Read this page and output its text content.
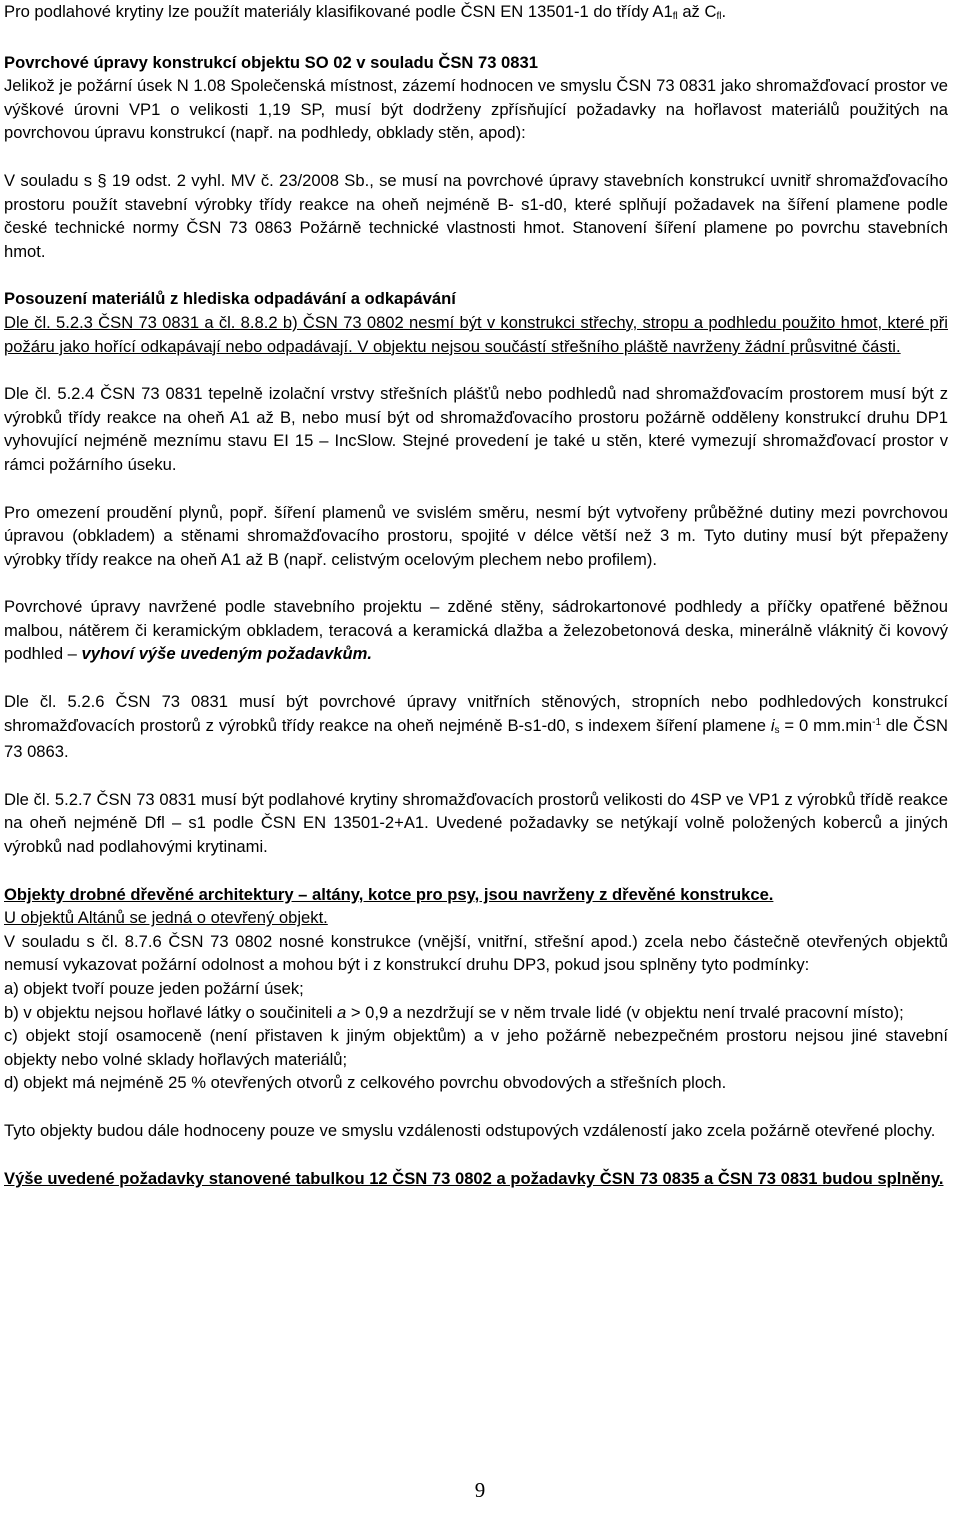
Pro podlahové krytiny lze použít materiály klasifikované podle ČSN EN 13501-1 do třídy A1fl až Cfl.

Povrchové úpravy konstrukcí objektu SO 02 v souladu ČSN 73 0831

Jelikož je požární úsek N 1.08 Společenská místnost, zázemí hodnocen ve smyslu ČSN 73 0831 jako shromažďovací prostor ve výškové úrovni VP1 o velikosti 1,19 SP, musí být dodrženy zpřísňující požadavky na hořlavost materiálů použitých na povrchovou úpravu konstrukcí (např. na podhledy, obklady stěn, apod):

V souladu s § 19 odst. 2 vyhl. MV č. 23/2008 Sb., se musí na povrchové úpravy stavebních konstrukcí uvnitř shromažďovacího prostoru použít stavební výrobky třídy reakce na oheň nejméně B- s1-d0, které splňují požadavek na šíření plamene podle české technické normy ČSN 73 0863 Požárně technické vlastnosti hmot. Stanovení šíření plamene po povrchu stavebních hmot.

Posouzení materiálů z hlediska odpadávání a odkapávání

Dle čl. 5.2.3 ČSN 73 0831 a čl. 8.8.2 b) ČSN 73 0802 nesmí být v konstrukci střechy, stropu a podhledu použito hmot, které při požáru jako hořící odkapávají nebo odpadávají. V objektu nejsou součástí střešního pláště navrženy žádní průsvitné části.

Dle čl. 5.2.4 ČSN 73 0831 tepelně izolační vrstvy střešních plášťů nebo podhledů nad shromažďovacím prostorem musí být z výrobků třídy reakce na oheň A1 až B, nebo musí být od shromažďovacího prostoru požárně odděleny konstrukcí druhu DP1 vyhovující nejméně meznímu stavu EI 15 – IncSlow. Stejné provedení je také u stěn, které vymezují shromažďovací prostor v rámci požárního úseku.

Pro omezení proudění plynů, popř. šíření plamenů ve svislém směru, nesmí být vytvořeny průběžné dutiny mezi povrchovou úpravou (obkladem) a stěnami shromažďovacího prostoru, spojité v délce větší než 3 m. Tyto dutiny musí být přepaženy výrobky třídy reakce na oheň A1 až B (např. celistvým ocelovým plechem nebo profilem).

Povrchové úpravy navržené podle stavebního projektu – zděné stěny, sádrokartonové podhledy a příčky opatřené běžnou malbou, nátěrem či keramickým obkladem, teracová a keramická dlažba a železobetonová deska, minerálně vláknitý či kovový podhled – vyhoví výše uvedeným požadavkům.

Dle čl. 5.2.6 ČSN 73 0831 musí být povrchové úpravy vnitřních stěnových, stropních nebo podhledových konstrukcí shromažďovacích prostorů z výrobků třídy reakce na oheň nejméně B-s1-d0, s indexem šíření plamene is = 0 $mm.\min^{-1}$ dle ČSN 73 0863.

Dle čl. 5.2.7 ČSN 73 0831 musí být podlahové krytiny shromažďovacích prostorů velikosti do 4SP ve VP1 z výrobků třídě reakce na oheň nejméně Dfl – s1 podle ČSN EN 13501-2+A1. Uvedené požadavky se netýkají volně položených koberců a jiných výrobků nad podlahovými krytinami.

Objekty drobné dřevěné architektury – altány, kotce pro psy, jsou navrženy z dřevěné konstrukce.

U objektů Altánů se jedná o otevřený objekt.

V souladu s čl. 8.7.6 ČSN 73 0802 nosné konstrukce (vnější, vnitřní, střešní apod.) zcela nebo částečně otevřených objektů nemusí vykazovat požární odolnost a mohou být i z konstrukcí druhu DP3, pokud jsou splněny tyto podmínky:

a) objekt tvoří pouze jeden požární úsek;

b) v objektu nejsou hořlavé látky o součiniteli a > 0,9 a nezdržují se v něm trvale lidé (v objektu není trvalé pracovní místo);

c) objekt stojí osamoceně (není přistaven k jiným objektům) a v jeho požárně nebezpečném prostoru nejsou jiné stavební objekty nebo volné sklady hořlavých materiálů;

d) objekt má nejméně 25 % otevřených otvorů z celkového povrchu obvodových a střešních ploch.

Tyto objekty budou dále hodnoceny pouze ve smyslu vzdálenosti odstupových vzdáleností jako zcela požárně otevřené plochy.

Výše uvedené požadavky stanovené tabulkou 12 ČSN 73 0802 a požadavky ČSN 73 0835 a ČSN 73 0831 budou splněny.

9
